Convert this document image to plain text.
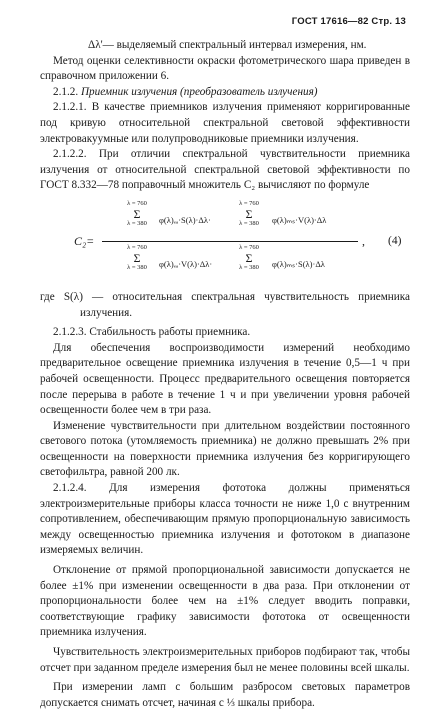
ГОСТ 17616—82 Стр. 13

Δλ'— выделяемый спектральный интервал измерения, нм.

Метод оценки селективности окраски фотометрического шара приведен в справочном приложении 6.

2.1.2. Приемник излучения (преобразователь излучения)

2.1.2.1. В качестве приемников излучения применяют корригированные под кривую относительной спектральной световой эффективности электровакуумные или полупроводниковые приемники излучения.

2.1.2.2. При отличии спектральной чувствительности приемника излучения от относительной спектральной световой эффективности по ГОСТ 8.332—78 поправочный множитель C₂ вычисляют по формуле

C₂=
λ = 760
Σ
λ = 380	φ(λ)ₑₐ·S(λ)·Δλ·
λ = 760
Σ
λ = 380	φ(λ)ₘₛ·V(λ)·Δλ
λ = 760
Σ
λ = 380	φ(λ)ₑₐ·V(λ)·Δλ·
λ = 760
Σ
λ = 380	φ(λ)ₘₛ·S(λ)·Δλ
, (4)

где S(λ) — относительная спектральная чувствительность приемника излучения.

2.1.2.3. Стабильность работы приемника.

Для обеспечения воспроизводимости измерений необходимо предварительное освещение приемника излучения в течение 0,5—1 ч при рабочей освещенности. Процесс предварительного освещения повторяется после перерыва в работе в течение 1 ч и при увеличении уровня рабочей освещенности более чем в три раза.

Изменение чувствительности при длительном воздействии постоянного светового потока (утомляемость приемника) не должно превышать 2% при освещенности на поверхности приемника излучения без корригирующего светофильтра, равной 200 лк.

2.1.2.4. Для измерения фототока должны применяться электроизмерительные приборы класса точности не ниже 1,0 с внутренним сопротивлением, обеспечивающим прямую пропорциональную зависимость между освещенностью приемника излучения и фототоком в диапазоне измеряемых величин.

Отклонение от прямой пропорциональной зависимости допускается не более ±1% при изменении освещенности в два раза. При отклонении от пропорциональности более чем на ±1% следует вводить поправки, соответствующие графику зависимости фототока от освещенности приемника излучения.

Чувствительность электроизмерительных приборов подбирают так, чтобы отсчет при заданном пределе измерения был не менее половины всей шкалы.

При измерении ламп с большим разбросом световых параметров допускается снимать отсчет, начиная с ⅓ шкалы прибора.
